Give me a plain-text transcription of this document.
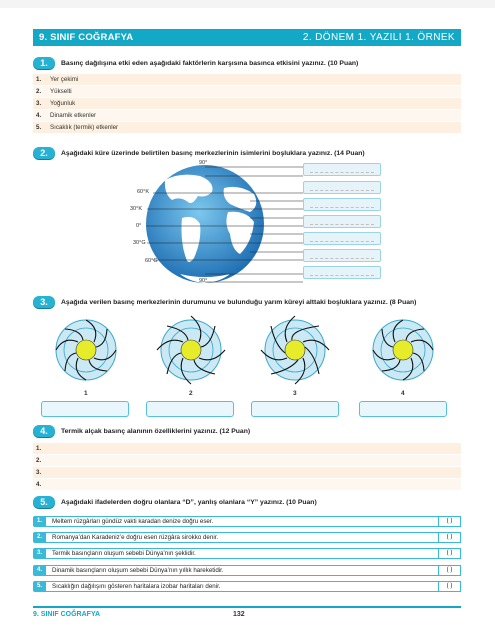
9. SINIF COĞRAFYA	2. DÖNEM 1. YAZILI 1. ÖRNEK
1.	Basınç dağılışına etki eden aşağıdaki faktörlerin karşısına basınca etkisini yazınız. (10 Puan)
1.	Yer çekimi
2.	Yükselti
3.	Yoğunluk
4.	Dinamik etkenler
5.	Sıcaklık (termik) etkenler
2.	Aşağıdaki küre üzerinde belirtilen basınç merkezlerinin isimlerini boşluklara yazınız. (14 Puan)
90°
60°K
30°K
0°
30°G
60°G
90°
3.	Aşağıda verilen basınç merkezlerinin durumunu ve bulunduğu yarım küreyi alttaki boşluklara yazınız. (8 Puan)
1	2	3	4
4.	Termik alçak basınç alanının özelliklerini yazınız. (12 Puan)
1.
2.
3.
4.
5.	Aşağıdaki ifadelerden doğru olanlara “D”, yanlış olanlara “Y” yazınız. (10 Puan)
1.	Meltem rüzgârları gündüz vakti karadan denize doğru eser.	( )
2.	Romanya’dan Karadeniz’e doğru esen rüzgâra sirokko denir.	( )
3.	Termik basınçların oluşum sebebi Dünya’nın şeklidir.	( )
4.	Dinamik basınçların oluşum sebebi Dünya’nın yıllık hareketidir.	( )
5.	Sıcaklığın dağılışını gösteren haritalara izobar haritaları denir.	( )
9. SINIF COĞRAFYA	132
